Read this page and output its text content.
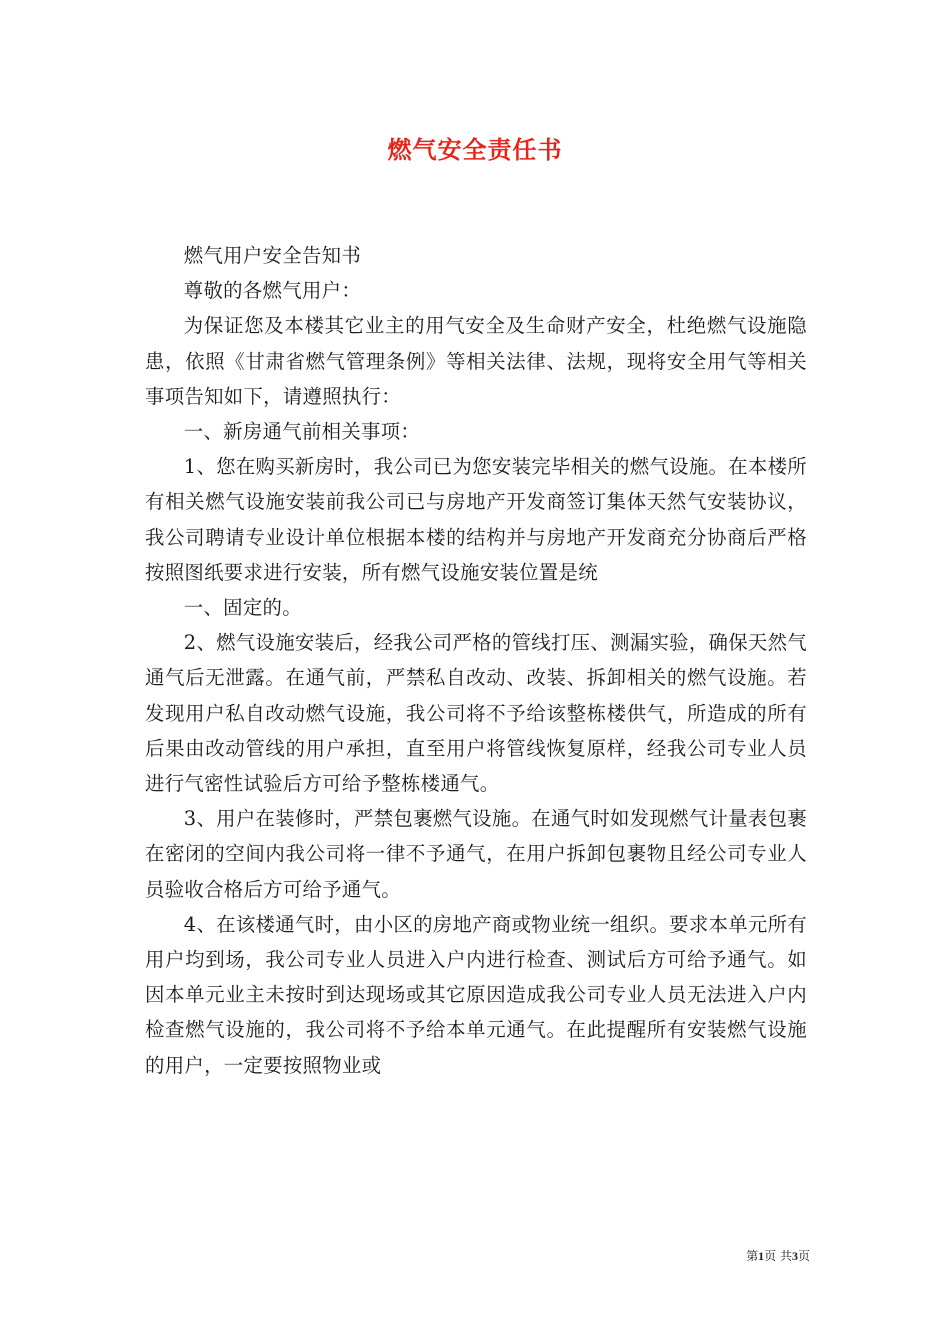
燃气安全责任书

燃气用户安全告知书

尊敬的各燃气用户：

为保证您及本楼其它业主的用气安全及生命财产安全，杜绝燃气设施隐患，依照《甘肃省燃气管理条例》等相关法律、法规，现将安全用气等相关事项告知如下，请遵照执行：

一、新房通气前相关事项：

1、您在购买新房时，我公司已为您安装完毕相关的燃气设施。在本楼所有相关燃气设施安装前我公司已与房地产开发商签订集体天然气安装协议，我公司聘请专业设计单位根据本楼的结构并与房地产开发商充分协商后严格按照图纸要求进行安装，所有燃气设施安装位置是统

一、固定的。

2、燃气设施安装后，经我公司严格的管线打压、测漏实验，确保天然气通气后无泄露。在通气前，严禁私自改动、改装、拆卸相关的燃气设施。若发现用户私自改动燃气设施，我公司将不予给该整栋楼供气，所造成的所有后果由改动管线的用户承担，直至用户将管线恢复原样，经我公司专业人员进行气密性试验后方可给予整栋楼通气。

3、用户在装修时，严禁包裹燃气设施。在通气时如发现燃气计量表包裹在密闭的空间内我公司将一律不予通气，在用户拆卸包裹物且经公司专业人员验收合格后方可给予通气。

4、在该楼通气时，由小区的房地产商或物业统一组织。要求本单元所有用户均到场，我公司专业人员进入户内进行检查、测试后方可给予通气。如因本单元业主未按时到达现场或其它原因造成我公司专业人员无法进入户内检查燃气设施的，我公司将不予给本单元通气。在此提醒所有安装燃气设施的用户，一定要按照物业或

第1页 共3页
